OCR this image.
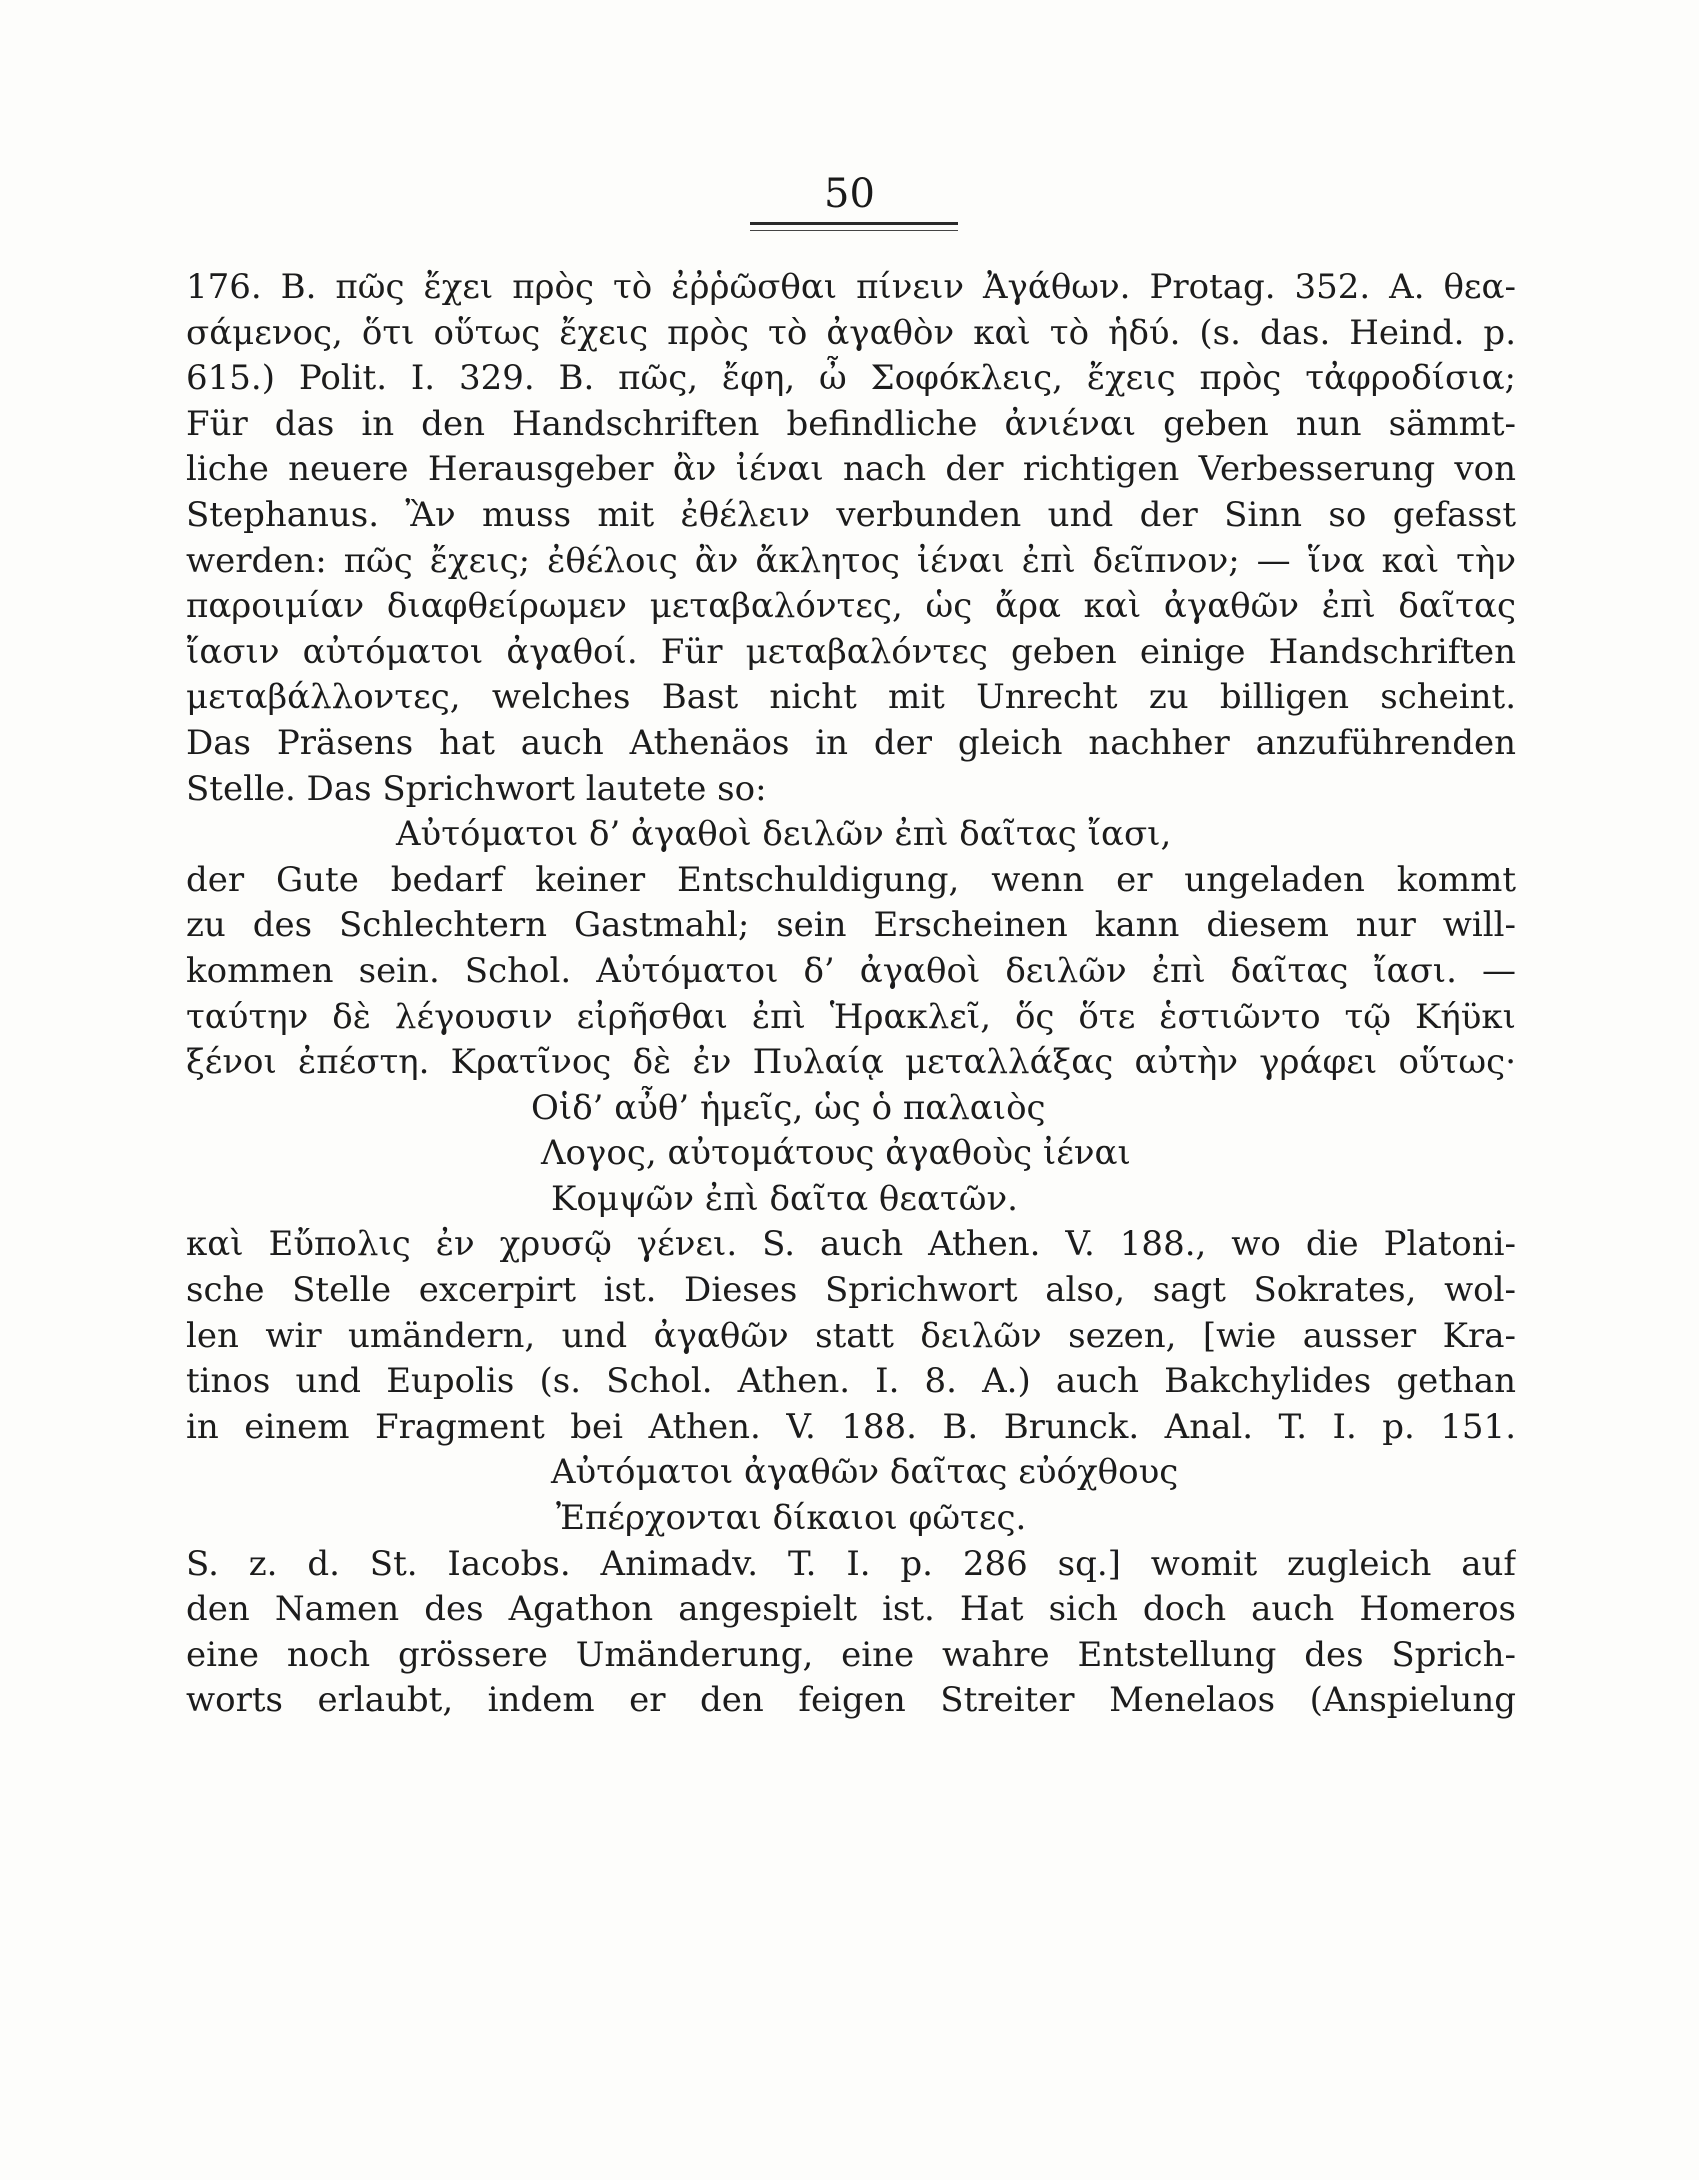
50
176. B. πῶς ἔχει πρὸς τὸ ἐῤῥῶσθαι πίνειν Ἀγάθων. Protag. 352. A. θεα-
σάμενος, ὅτι οὕτως ἔχεις πρὸς τὸ ἀγαθὸν καὶ τὸ ἡδύ. (s. das. Heind. p.
615.) Polit. I. 329. B. πῶς, ἔφη, ὦ Σοφόκλεις, ἔχεις πρὸς τἀφροδίσια;
Für das in den Handschriften befindliche ἀνιέναι geben nun sämmt-
liche neuere Herausgeber ἂν ἰέναι nach der richtigen Verbesserung von
Stephanus. Ἂν muss mit ἐθέλειν verbunden und der Sinn so gefasst
werden: πῶς ἔχεις; ἐθέλοις ἂν ἄκλητος ἰέναι ἐπὶ δεῖπνον; — ἵνα καὶ τὴν
παροιμίαν διαφθείρωμεν μεταβαλόντες, ὡς ἄρα καὶ ἀγαθῶν ἐπὶ δαῖτας
ἴασιν αὐτόματοι ἀγαθοί. Für μεταβαλόντες geben einige Handschriften
μεταβάλλοντες, welches Bast nicht mit Unrecht zu billigen scheint.
Das Präsens hat auch Athenäos in der gleich nachher anzuführenden
Stelle. Das Sprichwort lautete so:
Αὐτόματοι δ’ ἀγαθοὶ δειλῶν ἐπὶ δαῖτας ἴασι,
der Gute bedarf keiner Entschuldigung, wenn er ungeladen kommt
zu des Schlechtern Gastmahl; sein Erscheinen kann diesem nur will-
kommen sein. Schol. Αὐτόματοι δ’ ἀγαθοὶ δειλῶν ἐπὶ δαῖτας ἴασι. —
ταύτην δὲ λέγουσιν εἰρῆσθαι ἐπὶ Ἡρακλεῖ, ὅς ὅτε ἑστιῶντο τῷ Κήϋκι
ξένοι ἐπέστη. Κρατῖνος δὲ ἐν Πυλαίᾳ μεταλλάξας αὐτὴν γράφει οὕτως·
Οἱδ’ αὖθ’ ἡμεῖς, ὡς ὁ παλαιὸς
Λογος, αὐτομάτους ἀγαθοὺς ἰέναι
Κομψῶν ἐπὶ δαῖτα θεατῶν.
καὶ Εὔπολις ἐν χρυσῷ γένει. S. auch Athen. V. 188., wo die Platoni-
sche Stelle excerpirt ist. Dieses Sprichwort also, sagt Sokrates, wol-
len wir umändern, und ἀγαθῶν statt δειλῶν sezen, [wie ausser Kra-
tinos und Eupolis (s. Schol. Athen. I. 8. A.) auch Bakchylides gethan
in einem Fragment bei Athen. V. 188. B. Brunck. Anal. T. I. p. 151.
Αὐτόματοι ἀγαθῶν δαῖτας εὐόχθους
Ἐπέρχονται δίκαιοι φῶτες.
S. z. d. St. Iacobs. Animadv. T. I. p. 286 sq.] womit zugleich auf
den Namen des Agathon angespielt ist. Hat sich doch auch Homeros
eine noch grössere Umänderung, eine wahre Entstellung des Sprich-
worts erlaubt, indem er den feigen Streiter Menelaos (Anspielung
